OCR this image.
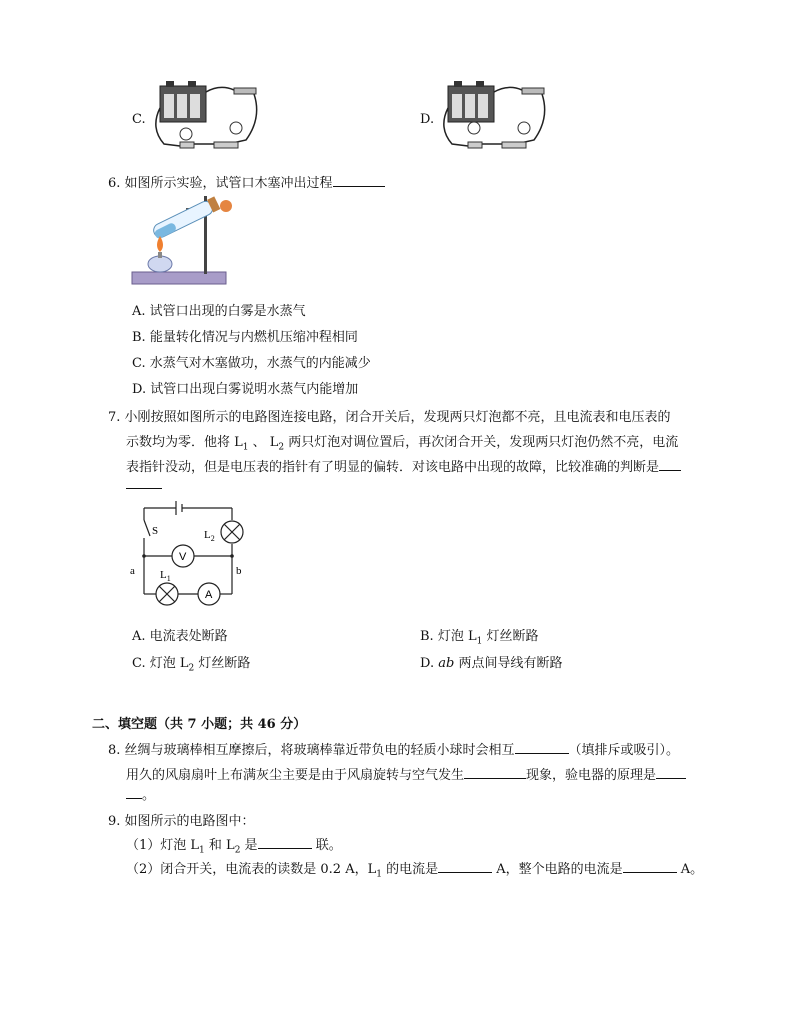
C.	D.
6. 如图所示实验，试管口木塞冲出过程
A. 试管口出现的白雾是水蒸气
B. 能量转化情况与内燃机压缩冲程相同
C. 水蒸气对木塞做功，水蒸气的内能减少
D. 试管口出现白雾说明水蒸气内能增加
7. 小刚按照如图所示的电路图连接电路，闭合开关后，发现两只灯泡都不亮，且电流表和电压表的
示数均为零．他将 $L_1$ 、 $L_2$ 两只灯泡对调位置后，再次闭合开关，发现两只灯泡仍然不亮，电流
表指针没动，但是电压表的指针有了明显的偏转．对该电路中出现的故障，比较准确的判断是
S	$L_2$
V
$L_1$
A
a	b
A. 电流表处断路	B. 灯泡 $L_1$ 灯丝断路
C. 灯泡 $L_2$ 灯丝断路	D. ab 两点间导线有断路
二、填空题（共 7 小题；共 46 分）
8. 丝绸与玻璃棒相互摩擦后，将玻璃棒靠近带负电的轻质小球时会相互	（填排斥或吸引）。
用久的风扇扇叶上布满灰尘主要是由于风扇旋转与空气发生	现象，验电器的原理是
。
9. 如图所示的电路图中：
（1）灯泡 $L_1$ 和 $L_2$ 是	联。
（2）闭合开关，电流表的读数是 0.2 A，$L_1$ 的电流是	A，整个电路的电流是	A。
